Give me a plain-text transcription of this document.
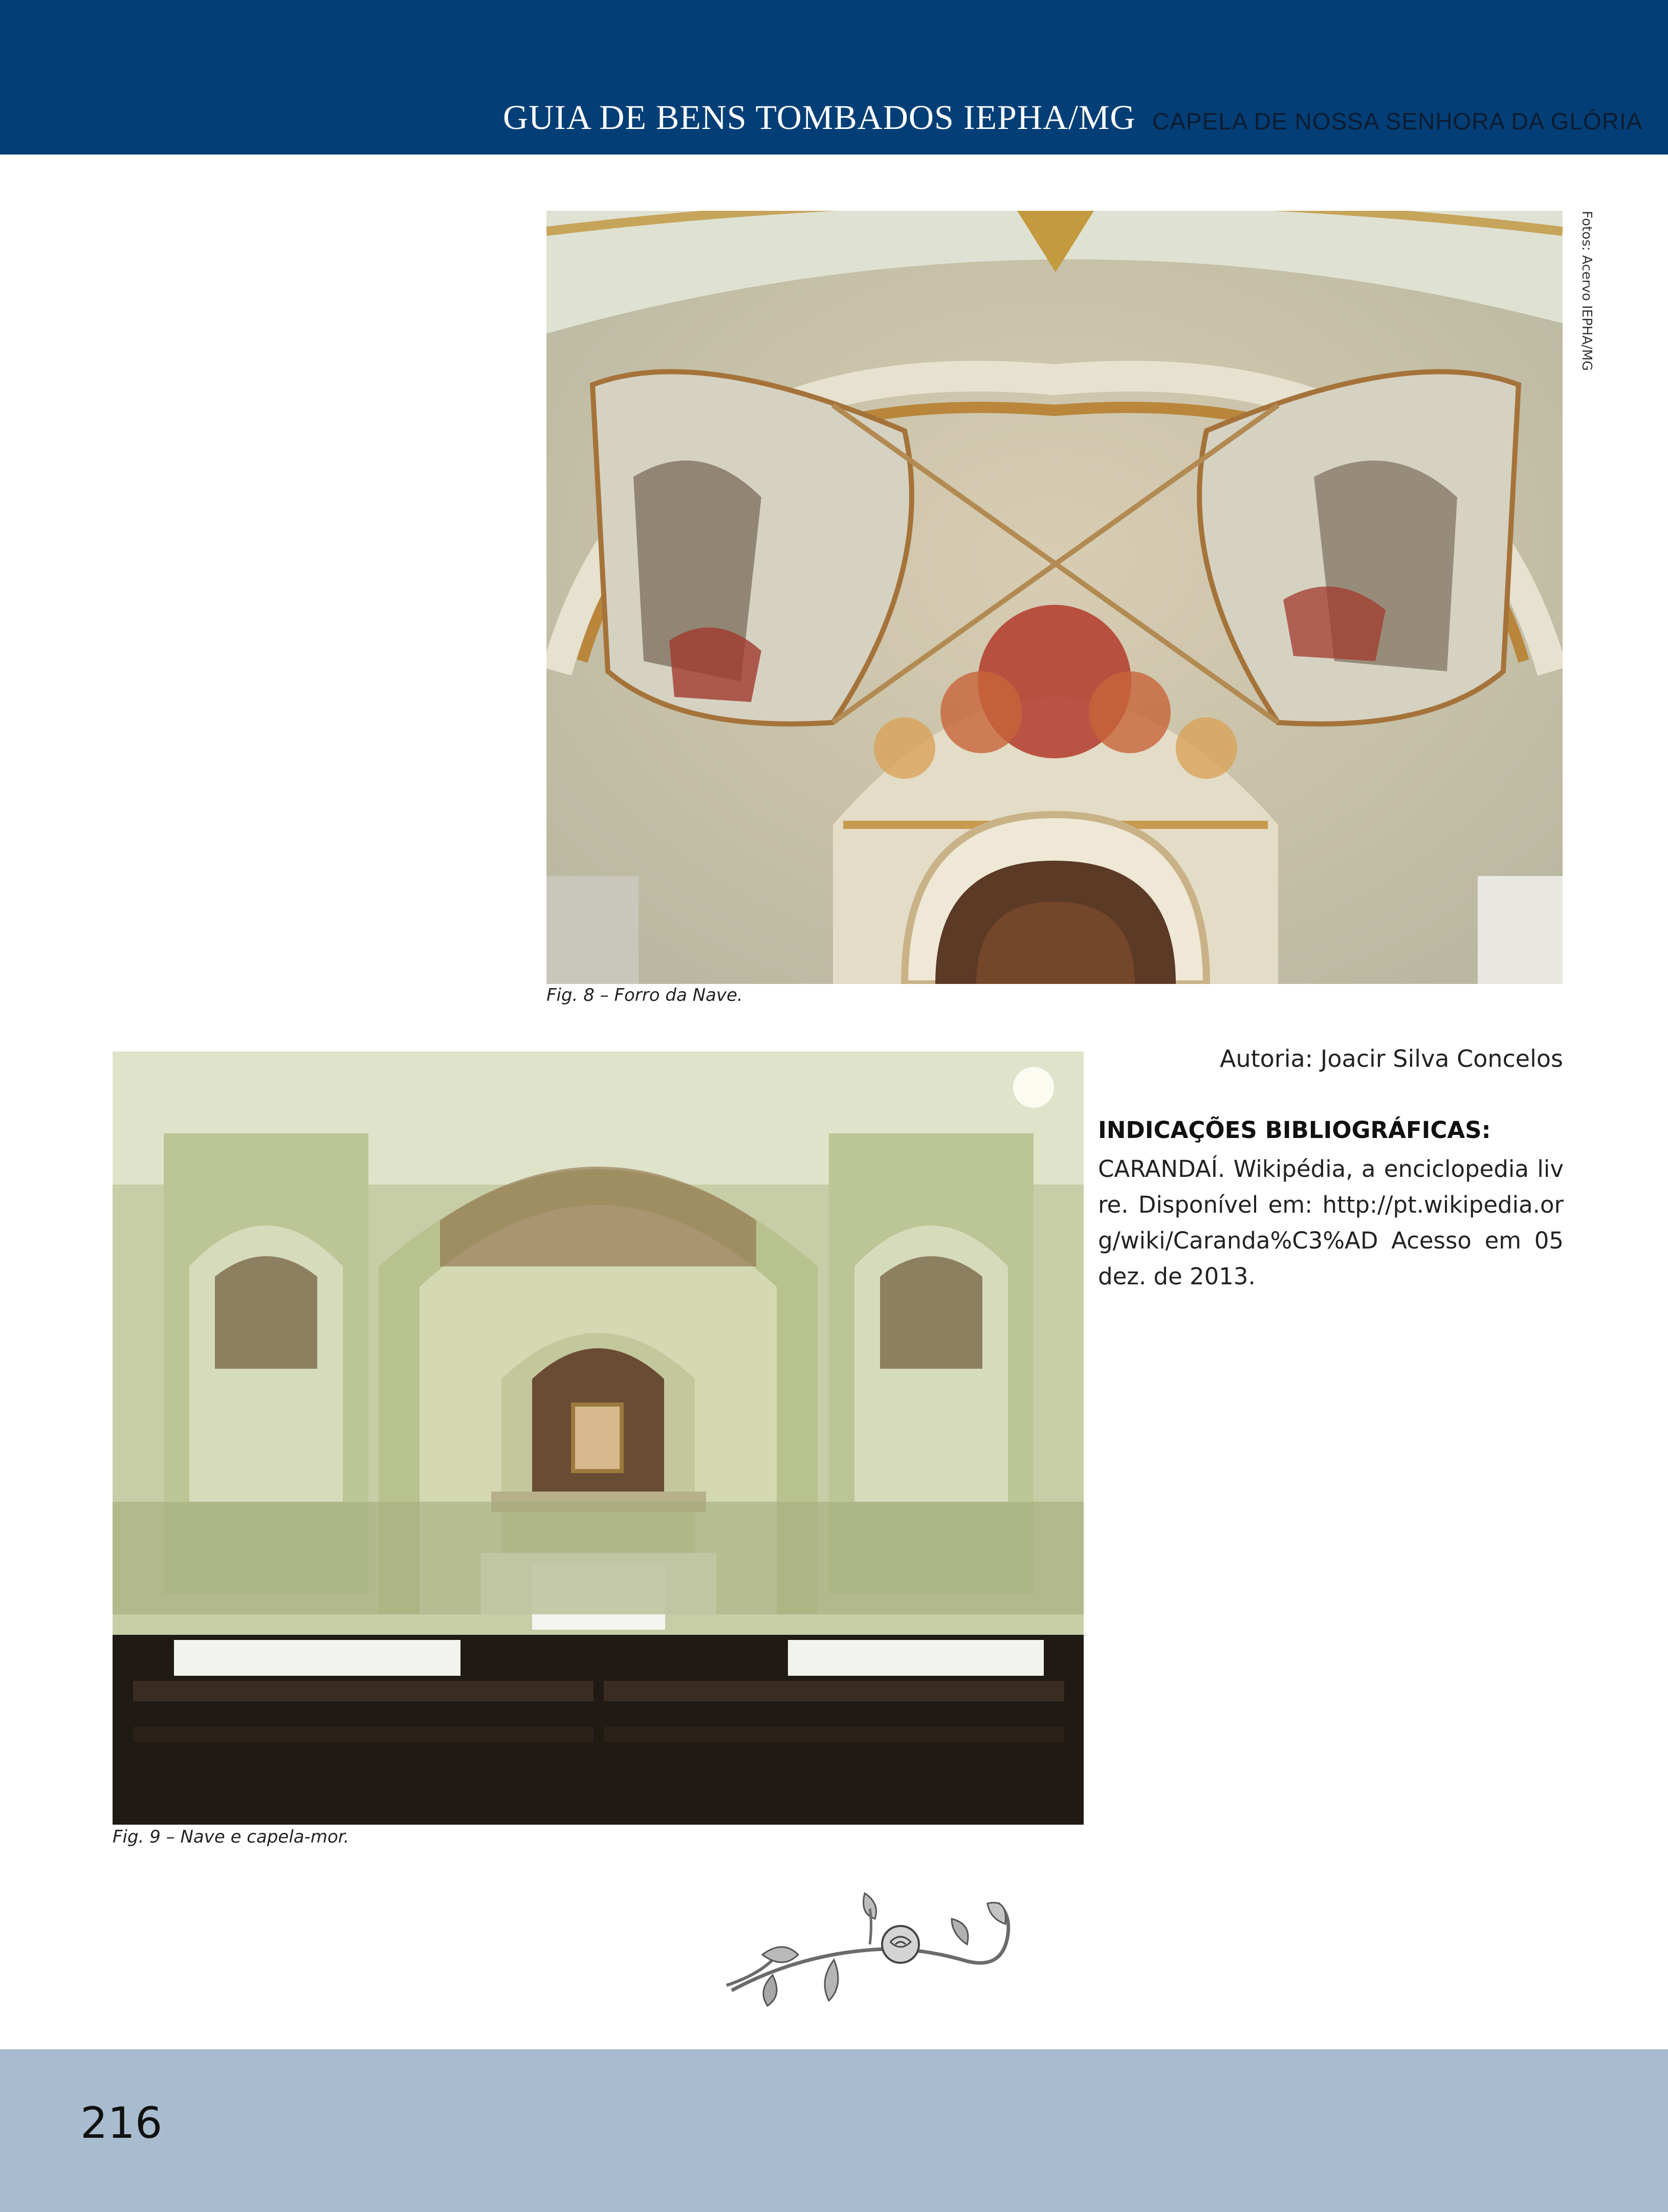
GUIA DE BENS TOMBADOS IEPHA/MG CAPELA DE NOSSA SENHORA DA GLÓRIA
Fig. 8 – Forro da Nave.
Fotos: Acervo IEPHA/MG
Fig. 9 – Nave e capela-mor.
Autoria: Joacir Silva Concelos
INDICAÇÕES BIBLIOGRÁFICAS:
CARANDAÍ. Wikipédia, a enciclopedia livre. Disponível em: http://pt.wikipedia.org/wiki/Caranda%C3%AD Acesso em 05 dez. de 2013.
216
